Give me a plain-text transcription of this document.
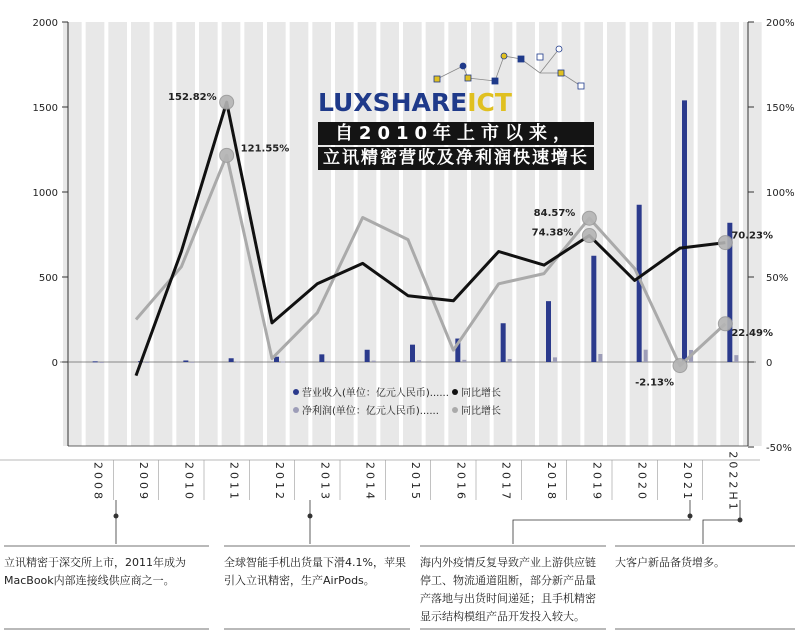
2000
1500
1000
500
0
200%
150%
100%
50%
0
-50%
2008	2009	2010	2011	2012	2013	2014	2015	2016	2017	2018	2019	2020	2021	2022H1
152.82%
121.55%
84.57%
74.38%	70.23%
22.49%
-2.13%
营业收入(单位：亿元人民币)...... 同比增长
净利润(单位：亿元人民币)...... 同比增长
LUXSHAREICT
自2010年上市以来，
立讯精密营收及净利润快速增长
立讯精密于深交所上市，2011年成为MacBook内部连接线供应商之一。
全球智能手机出货量下滑4.1%，苹果引入立讯精密，生产AirPods。
海内外疫情反复导致产业上游供应链停工、物流通道阻断，部分新产品量产落地与出货时间递延；且手机精密显示结构模组产品开发投入较大。
大客户新品备货增多。
